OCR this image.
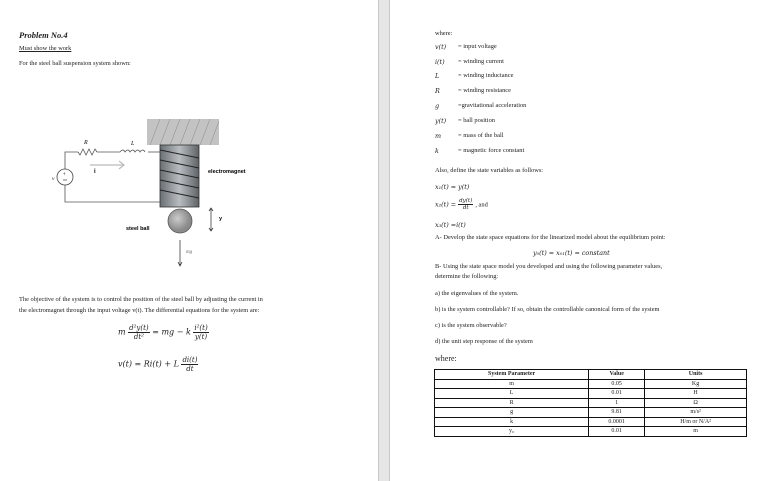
Problem No.4
Must show the work
For the steel ball suspension system shown:
+
R	L
i
v
electromagnet
steel ball
y
mg
The objective of the system is to control the position of the steel ball by adjusting the current in
the electromagnet through the input voltage v(t). The differential equations for the system are:
m $\frac{\text{d²y(t)}}{\text{dt²}}$ = mg − k $\frac{\text{i²(t)}}{y(t)}$
v(t) = Ri(t) + L $\frac{di(t)}{dt}$
where:
v(t) = input voltage
i(t) = winding current
L	= winding inductance
R	= winding resistance
g	=gravitational acceleration
y(t) = ball position
m	= mass of the ball
k	= magnetic force constant
Also, define the state variables as follows:
x₁(t) = y(t)
$x_2(t) = \frac{dy(t)}{dt}$ , and
x₃(t) =i(t)
A- Develop the state space equations for the linearized model about the equilibrium point:
y₀(t) = x₀₁(t) = constant
B- Using the state space model you developed and using the following parameter values,
determine the following:
a) the eigenvalues of the system.
b) is the system controllable? If so, obtain the controllable canonical form of the system
c) is the system observable?
d) the unit step response of the system
where:
System Parameter	Value	Units
m	0.05	Kg
L	0.01	H
R	1	Ω
g	9.81	m/s²
k	0.0001	H/m or N/A²
y₀	0.01	m
